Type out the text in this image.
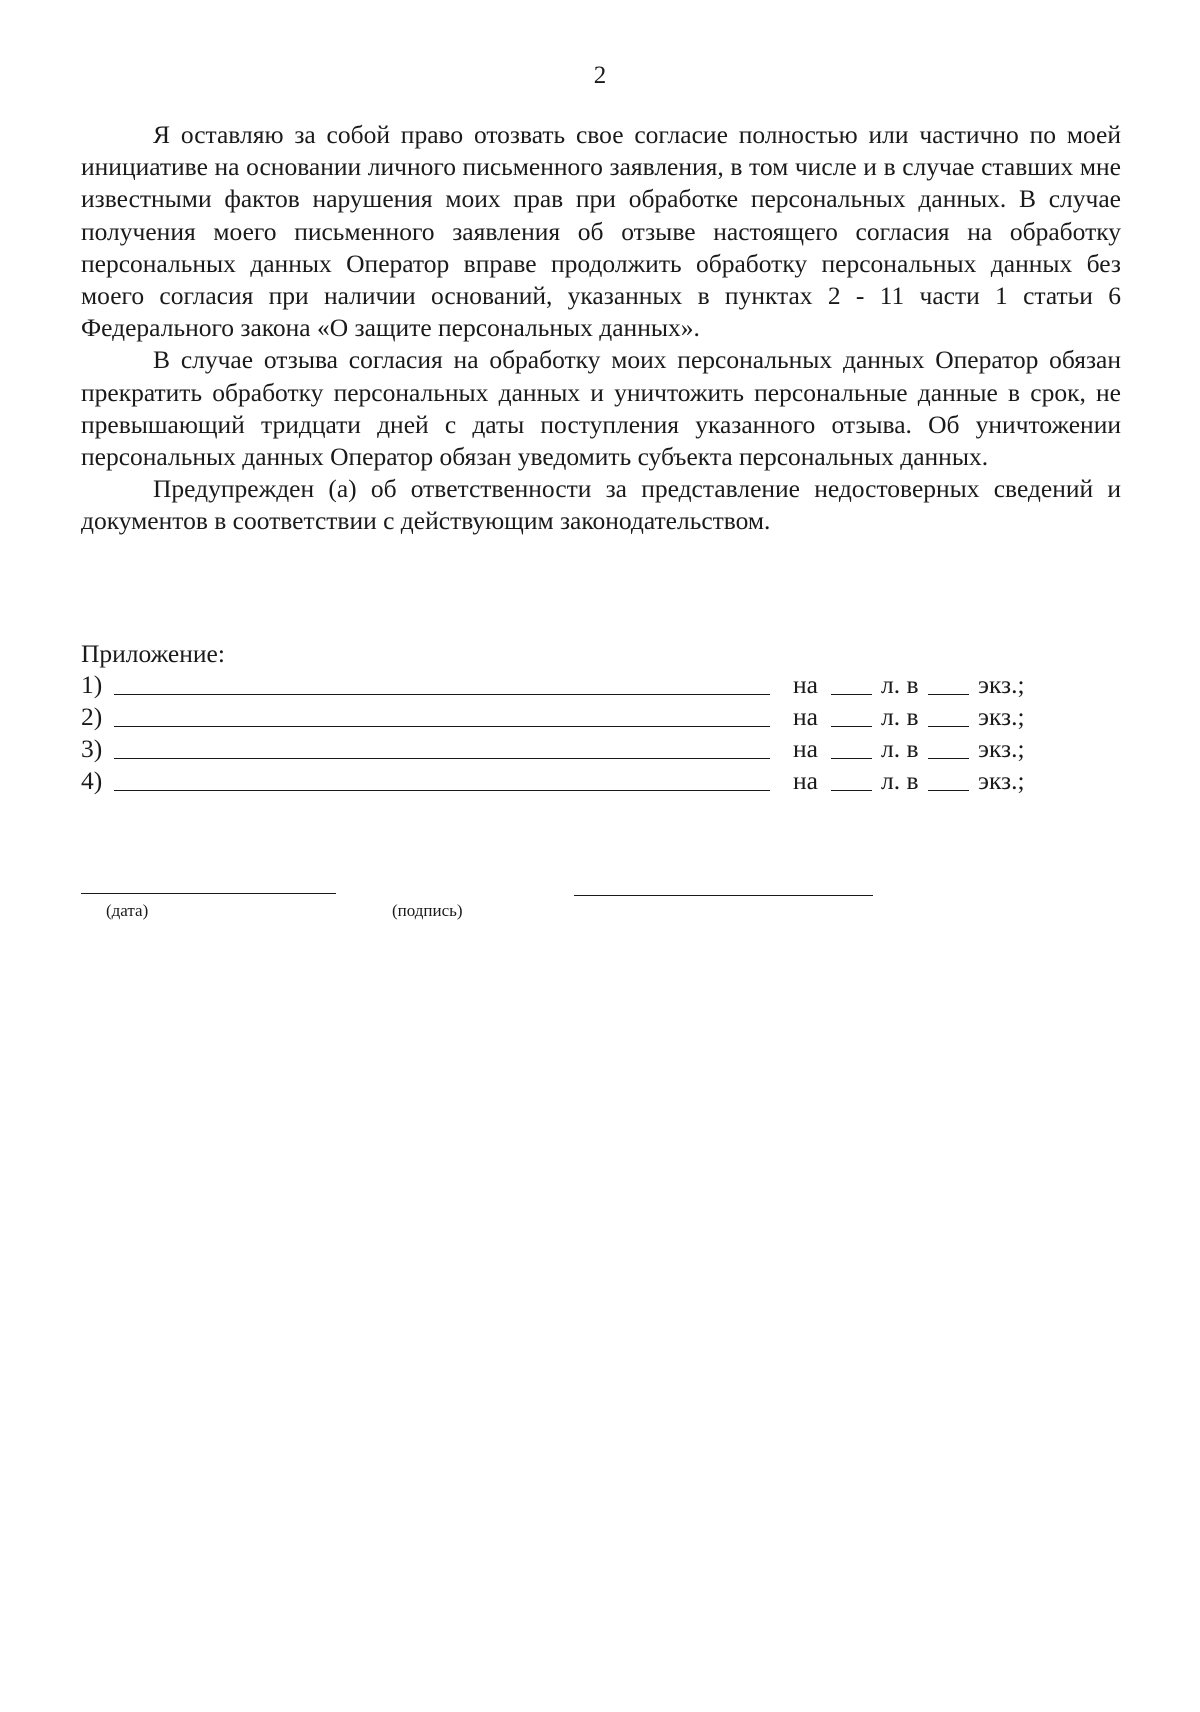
2

Я оставляю за собой право отозвать свое согласие полностью или частично по моей инициативе на основании личного письменного заявления, в том числе и в случае ставших мне известными фактов нарушения моих прав при обработке персональных данных. В случае получения моего письменного заявления об отзыве настоящего согласия на обработку персональных данных Оператор вправе продолжить обработку персональных данных без моего согласия при наличии оснований, указанных в пунктах 2 - 11 части 1 статьи 6 Федерального закона «О защите персональных данных».

В случае отзыва согласия на обработку моих персональных данных Оператор обязан прекратить обработку персональных данных и уничтожить персональные данные в срок, не превышающий тридцати дней с даты поступления указанного отзыва. Об уничтожении персональных данных Оператор обязан уведомить субъекта персональных данных.

Предупрежден (а) об ответственности за представление недостоверных сведений и документов в соответствии с действующим законодательством.

Приложение:
1)	на л. в экз.;
2)	на л. в экз.;
3)	на л. в экз.;
4)	на л. в экз.;
(дата)	(подпись)
